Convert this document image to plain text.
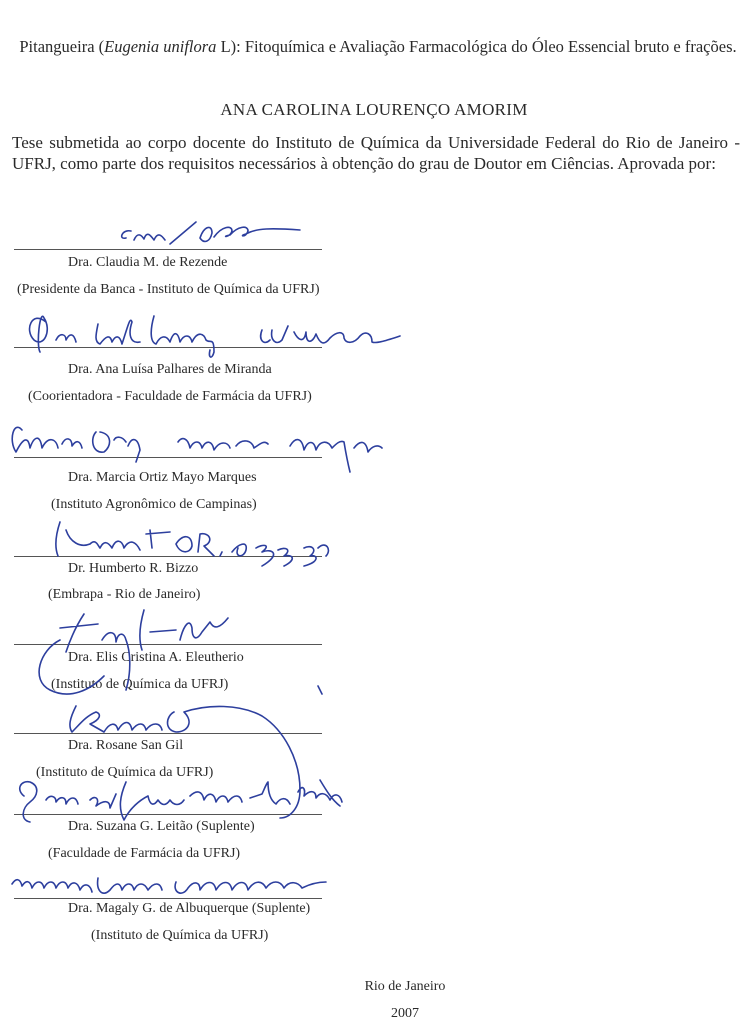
Pitangueira (Eugenia uniflora L): Fitoquímica e Avaliação Farmacológica do Óleo Essencial bruto e frações.
ANA CAROLINA LOURENÇO AMORIM
Tese submetida ao corpo docente do Instituto de Química da Universidade Federal do Rio de Janeiro - UFRJ, como parte dos requisitos necessários à obtenção do grau de Doutor em Ciências. Aprovada por:
Dra. Claudia M. de Rezende
(Presidente da Banca - Instituto de Química da UFRJ)
Dra. Ana Luísa Palhares de Miranda
(Coorientadora - Faculdade de Farmácia da UFRJ)
Dra. Marcia Ortiz Mayo Marques
(Instituto Agronômico de Campinas)
Dr. Humberto R. Bizzo
(Embrapa - Rio de Janeiro)
Dra. Elis Cristina A. Eleutherio
(Instituto de Química da UFRJ)
Dra. Rosane San Gil
(Instituto de Química da UFRJ)
Dra. Suzana G. Leitão (Suplente)
(Faculdade de Farmácia da UFRJ)
Dra. Magaly G. de Albuquerque (Suplente)
(Instituto de Química da UFRJ)
Rio de Janeiro
2007
